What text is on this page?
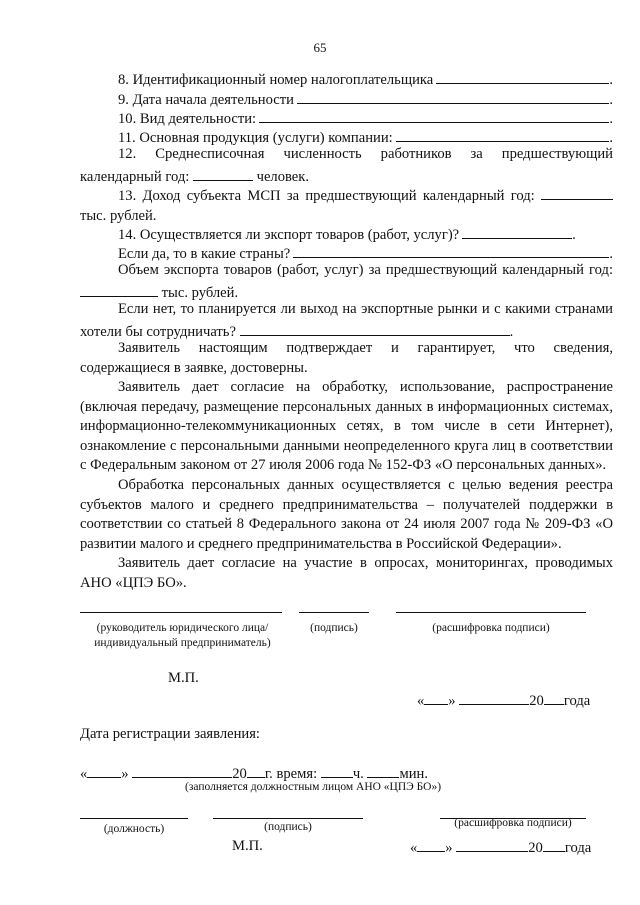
65
8. Идентификационный номер налогоплательщика	.
9. Дата начала деятельности	.
10. Вид деятельности:	.
11. Основная продукция (услуги) компании:	.
12. Среднесписочная численность работников за предшествующий календарный год:	человек.
13. Доход субъекта МСП за предшествующий календарный год:  тыс. рублей.
14. Осуществляется ли экспорт товаров (работ, услуг)?	.
Если да, то в какие страны?	.
Объем экспорта товаров (работ, услуг) за предшествующий календарный год:  тыс. рублей.
Если нет, то планируется ли выход на экспортные рынки и с какими странами хотели бы сотрудничать?	.
Заявитель настоящим подтверждает и гарантирует, что сведения, содержащиеся в заявке, достоверны.
Заявитель дает согласие на обработку, использование, распространение (включая передачу, размещение персональных данных в информационных системах, информационно-телекоммуникационных сетях, в том числе в сети Интернет), ознакомление с персональными данными неопределенного круга лиц в соответствии с Федеральным законом от 27 июля 2006 года № 152-ФЗ «О персональных данных».
Обработка персональных данных осуществляется с целью ведения реестра субъектов малого и среднего предпринимательства – получателей поддержки в соответствии со статьей 8 Федерального закона от 24 июля 2007 года № 209-ФЗ «О развитии малого и среднего предпринимательства в Российской Федерации».
Заявитель дает согласие на участие в опросах, мониторингах, проводимых АНО «ЦПЭ БО».
(руководитель юридического лица/ индивидуальный предприниматель)
(подпись)	(расшифровка подписи)
М.П.
« »	20 года
Дата регистрации заявления:
« »	20 г. время: ч. мин.
(заполняется должностным лицом АНО «ЦПЭ БО»)
(должность)	(подпись)	(расшифровка подписи)
М.П.	« »	20 года
